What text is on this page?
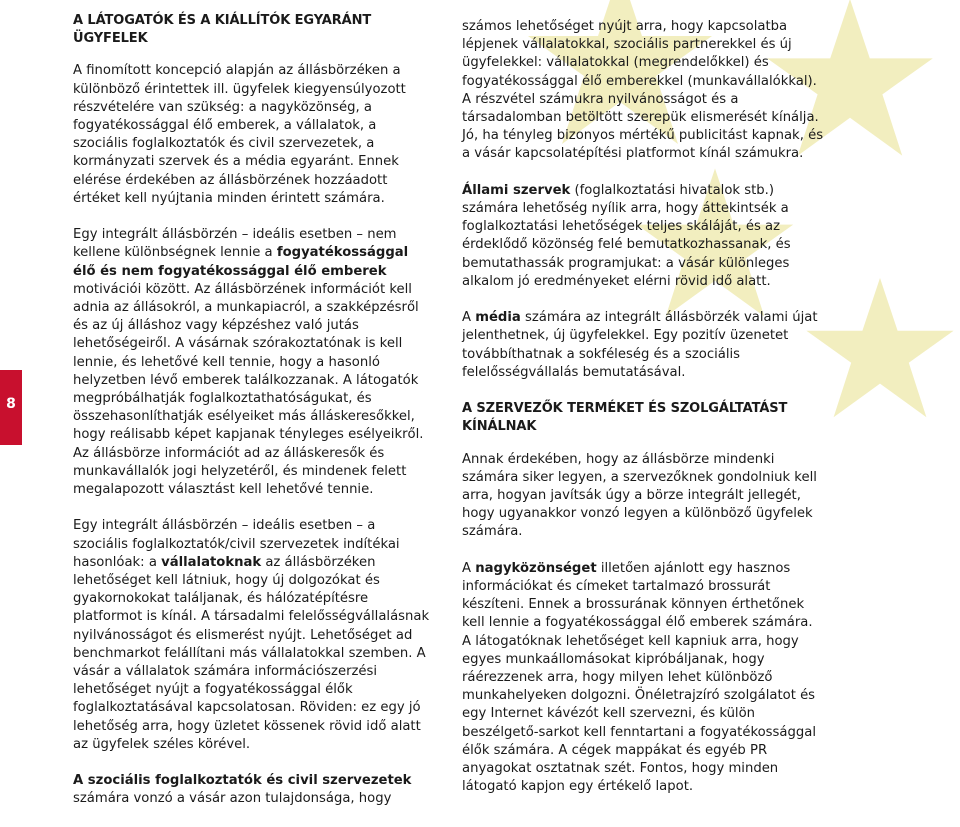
8
A LÁTOGATÓK ÉS A KIÁLLÍTÓK EGYARÁNT ÜGYFELEK

A finomított koncepció alapján az állásbörzéken a különböző érintettek ill. ügyfelek kiegyensúlyozott részvételére van szükség: a nagyközönség, a fogyatékossággal élő emberek, a vállalatok, a szociális foglalkoztatók és civil szervezetek, a kormányzati szervek és a média egyaránt. Ennek elérése érdekében az állásbörzének hozzáadott értéket kell nyújtania minden érintett számára.

Egy integrált állásbörzén – ideális esetben – nem kellene különbségnek lennie a fogyatékossággal élő és nem fogyatékossággal élő emberek motivációi között. Az állásbörzének információt kell adnia az állásokról, a munkapiacról, a szakképzésről és az új álláshoz vagy képzéshez való jutás lehetőségeiről. A vásárnak szórakoztatónak is kell lennie, és lehetővé kell tennie, hogy a hasonló helyzetben lévő emberek találkozzanak. A látogatók megpróbálhatják foglalkoztathatóságukat, és összehasonlíthatják esélyeiket más álláskeresőkkel, hogy reálisabb képet kapjanak tényleges esélyeikről. Az állásbörze információt ad az álláskeresők és munkavállalók jogi helyzetéről, és mindenek felett megalapozott választást kell lehetővé tennie.

Egy integrált állásbörzén – ideális esetben – a szociális foglalkoztatók/civil szervezetek indítékai hasonlóak: a vállalatoknak az állásbörzéken lehetőséget kell látniuk, hogy új dolgozókat és gyakornokokat találjanak, és hálózatépítésre platformot is kínál. A társadalmi felelősségvállalásnak nyilvánosságot és elismerést nyújt. Lehetőséget ad benchmarkot felállítani más vállalatokkal szemben. A vásár a vállalatok számára információszerzési lehetőséget nyújt a fogyatékossággal élők foglalkoztatásával kapcsolatosan. Röviden: ez egy jó lehetőség arra, hogy üzletet kössenek rövid idő alatt az ügyfelek széles körével.

A szociális foglalkoztatók és civil szervezetek számára vonzó a vásár azon tulajdonsága, hogy

számos lehetőséget nyújt arra, hogy kapcsolatba lépjenek vállalatokkal, szociális partnerekkel és új ügyfelekkel: vállalatokkal (megrendelőkkel) és fogyatékossággal élő emberekkel (munkavállalókkal). A részvétel számukra nyilvánosságot és a társadalomban betöltött szerepük elismerését kínálja. Jó, ha tényleg bizonyos mértékű publicitást kapnak, és a vásár kapcsolatépítési platformot kínál számukra.

Állami szervek (foglalkoztatási hivatalok stb.) számára lehetőség nyílik arra, hogy áttekintsék a foglalkoztatási lehetőségek teljes skáláját, és az érdeklődő közönség felé bemutatkozhassanak, és bemutathassák programjukat: a vásár különleges alkalom jó eredményeket elérni rövid idő alatt.

A média számára az integrált állásbörzék valami újat jelenthetnek, új ügyfelekkel. Egy pozitív üzenetet továbbíthatnak a sokféleség és a szociális felelősségvállalás bemutatásával.

A SZERVEZŐK TERMÉKET ÉS SZOLGÁLTATÁST KÍNÁLNAK

Annak érdekében, hogy az állásbörze mindenki számára siker legyen, a szervezőknek gondolniuk kell arra, hogyan javítsák úgy a börze integrált jellegét, hogy ugyanakkor vonzó legyen a különböző ügyfelek számára.

A nagyközönséget illetően ajánlott egy hasznos információkat és címeket tartalmazó brossurát készíteni. Ennek a brossurának könnyen érthetőnek kell lennie a fogyatékossággal élő emberek számára. A látogatóknak lehetőséget kell kapniuk arra, hogy egyes munkaállomásokat kipróbáljanak, hogy ráérezzenek arra, hogy milyen lehet különböző munkahelyeken dolgozni. Önéletrajzíró szolgálatot és egy Internet kávézót kell szervezni, és külön beszélgető-sarkot kell fenntartani a fogyatékossággal élők számára. A cégek mappákat és egyéb PR anyagokat osztatnak szét. Fontos, hogy minden látogató kapjon egy értékelő lapot.
